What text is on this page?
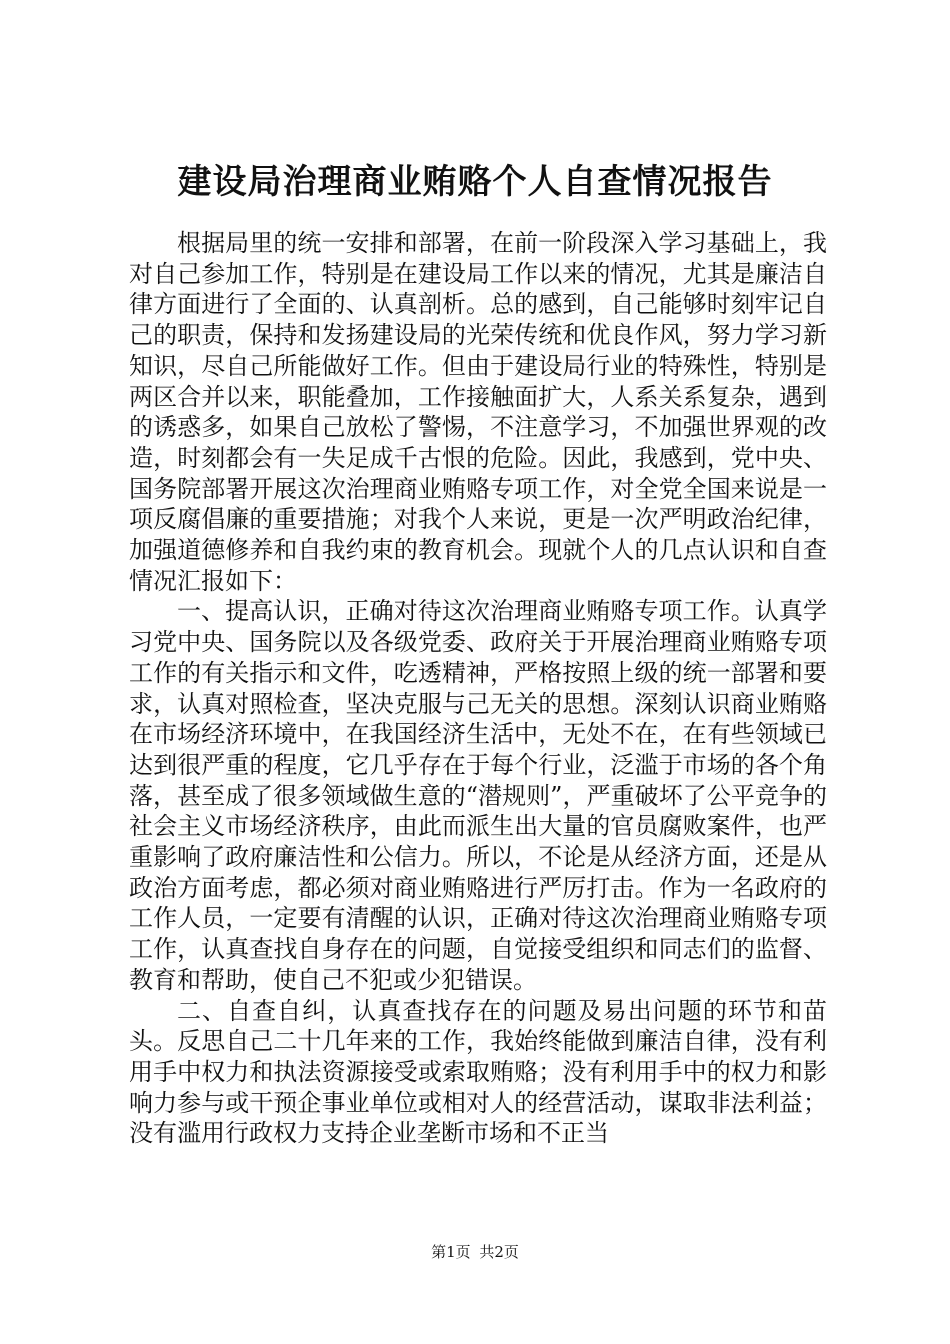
建设局治理商业贿赂个人自查情况报告

根据局里的统一安排和部署，在前一阶段深入学习基础上，我对自己参加工作，特别是在建设局工作以来的情况，尤其是廉洁自律方面进行了全面的、认真剖析。总的感到，自己能够时刻牢记自己的职责，保持和发扬建设局的光荣传统和优良作风，努力学习新知识，尽自己所能做好工作。但由于建设局行业的特殊性，特别是两区合并以来，职能叠加，工作接触面扩大，人系关系复杂，遇到的诱惑多，如果自己放松了警惕，不注意学习，不加强世界观的改造，时刻都会有一失足成千古恨的危险。因此，我感到，党中央、国务院部署开展这次治理商业贿赂专项工作，对全党全国来说是一项反腐倡廉的重要措施；对我个人来说，更是一次严明政治纪律，加强道德修养和自我约束的教育机会。现就个人的几点认识和自查情况汇报如下：

一、提高认识，正确对待这次治理商业贿赂专项工作。认真学习党中央、国务院以及各级党委、政府关于开展治理商业贿赂专项工作的有关指示和文件，吃透精神，严格按照上级的统一部署和要求，认真对照检查，坚决克服与己无关的思想。深刻认识商业贿赂在市场经济环境中，在我国经济生活中，无处不在，在有些领域已达到很严重的程度，它几乎存在于每个行业，泛滥于市场的各个角落，甚至成了很多领域做生意的“潜规则”，严重破坏了公平竞争的社会主义市场经济秩序，由此而派生出大量的官员腐败案件，也严重影响了政府廉洁性和公信力。所以，不论是从经济方面，还是从政治方面考虑，都必须对商业贿赂进行严厉打击。作为一名政府的工作人员，一定要有清醒的认识，正确对待这次治理商业贿赂专项工作，认真查找自身存在的问题，自觉接受组织和同志们的监督、教育和帮助，使自己不犯或少犯错误。

二、自查自纠，认真查找存在的问题及易出问题的环节和苗头。反思自己二十几年来的工作，我始终能做到廉洁自律，没有利用手中权力和执法资源接受或索取贿赂；没有利用手中的权力和影响力参与或干预企事业单位或相对人的经营活动，谋取非法利益；没有滥用行政权力支持企业垄断市场和不正当

第1页 共2页
